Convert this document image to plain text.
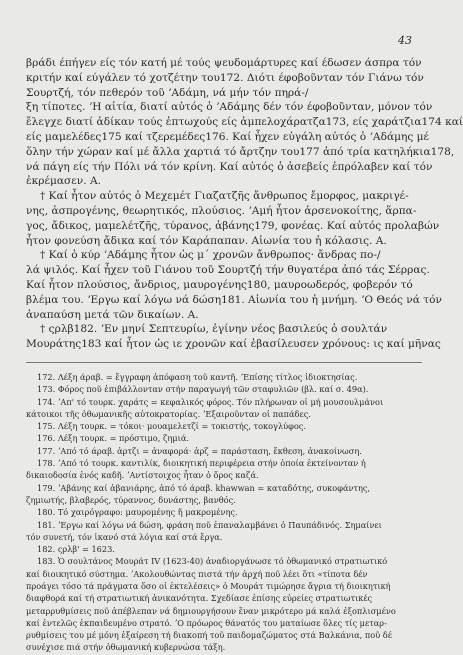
43

βράδι έπήγεν είς τόν κατή μέ τούς ψευδομάρτυρες καί έδωσεν άσπρα τόν

κριτήν καί εύγάλεν τό χοτζέτην του172. Διότι έφοβοῦνταν τόν Γιάνω τόν

Σουρτζή, τόν πεθερόν τοῦ ʼΑδάμη, νά μήν τόν πηρά-/

ξη τίποτες. ʼΗ αἰτία, διατί αὐτός ὁ ʼΑδάμης δέν τόν έφοβοῦνταν, μόνον τόν

ἔλεγχε διατί ἀδίκαν τούς ἐπτωχούς είς ἀμπελοχάρατζα173, είς χαράτζια174 καί

είς μαμελέδες175 καί τζερεμέδες176. Καί ἦχεν εὐγάλη αὐτός ὁ ʼΑδάμης μέ

ὅλην τήν χώραν καί μέ ἄλλα χαρτιά τό ἄρτζην του177 ἀπό τρία κατηλήκια178,

νά πάγη είς τήν Πόλι νά τόν κρίνη. Καί αὐτός ὁ ἀσεβείς ἐπρόλαβεν καί τόν

ἐκρέμασεν. Α.

† Καί ἦτον αὐτός ὁ Μεχεμέτ Γιαζατζῆς ἄνθρωπος ἔμορφος, μακριγέ-

νης, ἀσπρογένης, θεωρητικός, πλούσιος. ʼΑμή ἦτον ἀρσενοκοίτης, ἅρπα-

γος, ἄδικος, μαμελέτζῆς, τύρανος, ἀβάνης179, φονέας. Καί αὐτός προλαβών

ἦτον φονεύση ἄδικα καί τόν Καράπαπαν. Αἰωνία του ἡ κόλασις. Α.

† Καί ὁ κύρ ʼΑδάμης ἦτον ὡς μ΄ χρονῶν ἄνθρωπος· ἄνδρας πο-/

λά ψιλός. Καί ἦχεν τοῦ Γιάνου τοῦ Σουρτζή τήν θυγατέρα ἀπό τάς Σέρρας.

Καί ἦτον πλούσιος, ἄνδριος, μαυρογένης180, μαυροωδερός, φοβερόν τό

βλέμα του. ʼΕργω καί λόγω νά δώση181. Αἰωνία του ἡ μνήμη. ʼΟ Θεός νά τόν

ἀναπαύση μετά τῶν δικαίων. Α.

† ςρλβ182. ʼΕν μηνί Σεπτευρίω, ἐγίνην νέος βασιλεύς ὁ σουλτάν

Μουράτης183 καί ἦτον ὡς ιε χρονῶν καί ἐβασίλευσεν χρόνους: ις καί μῆνας

172. Λέξη άραβ. = ἔγγραφη ἀπόφαση τοῦ καντῆ. ʼΕπίσης τίτλος ἰδιοκτησίας.

173. Φόρος ποῦ ἐπιβάλλονταν στήν παραγωγή τῶν σταφυλιῶν (βλ. καί σ. 49α).

174. ʼΑπ' τό τουρκ. χαράτς = κεφαλικός φόρος. Τόν πλήρωναν οἱ μή μουσουλμάνοι

κάτοικοι τῆς ὀθωμανικῆς αὐτοκρατορίας. ʼΕξαιροῦνταν οἱ παπάδες.

175. Λέξη τουρκ. = τόκοι· μουαμελετζί = τοκιστής, τοκογλύφος.

176. Λέξη τουρκ. = πρόστιμο, ζημιά.

177. ʼΑπό τό άραβ. ἀρτζι = ἀναφορά· ἀρζ = παράσταση, ἔκθεση, ἀνακοίνωση.

178. ʼΑπό τό τουρκ. καντιλίκ, διοικητική περιφέρεια στήν ὁποία ἐκτείνονταν ἡ

δικαιοδοσία ἑνός καδῆ. ʼΑντίστοιχος ἦταν ὁ ὅρος καζά.

179. ʼΑβάνης καί ἀβανιάρης, ἀπό τό άραβ. khawwan = καταδότης, συκοφάντης,

ζημιωτής, βλαβερός, τύραννος, δυνάστης, βανθός.

180. Τό χαιρόγραφο: μαυρομένης ἤ μακρομένης.

181. ʼΕργω καί λόγω νά δώση, φράση ποῦ ἐπαναλαμβάνει ὁ Παυπάδινός. Σημαίνει

τόν συνετή, τόν ἱκανό στά λόγια καί στά ἔργα.

182. ςρλβ' = 1623.

183. Ὁ σουλτάνος Μουράτ IV (1623-40) ἀναδιοργάνωσε τό ὀθωμανικό στρατιωτικό

καί διοικητικό σύστημα. ʼΑκολουθώντας πιστά τήν ἀρχή ποῦ λέει ὅτι «τίποτα δέν

προάγει τόσο τά πράγματα ὅσο οἱ ἐκτελέσεις» ὁ Μουράτ τιμώρησε ἄγρια τή διοικητική

διαφθορά καί τή στρατιωτική ἀνικανότητα. Σχεδίασε ἐπίσης εὐρείες στρατιωτικές

μεταρρυθμίσεις ποῦ ἀπέβλεπαν νά δημιουργήσουν ἕναν μικρότερο μά καλά ἐξοπλισμένο

καί ἐντελῶς ἐκπαιδευμένο στρατό. ʼΟ πρόωρος θάνατός του ματαίωσε ὅλες τίς μεταρ-

ρυθμίσεις του μέ μόνη ἐξαίρεση τή διακοπή τοῦ παιδομαζώματος στά Βαλκάνια, ποῦ δέ

συνέχισε πιά στήν ὀθωμανική κυβερνώσα τάξη.
